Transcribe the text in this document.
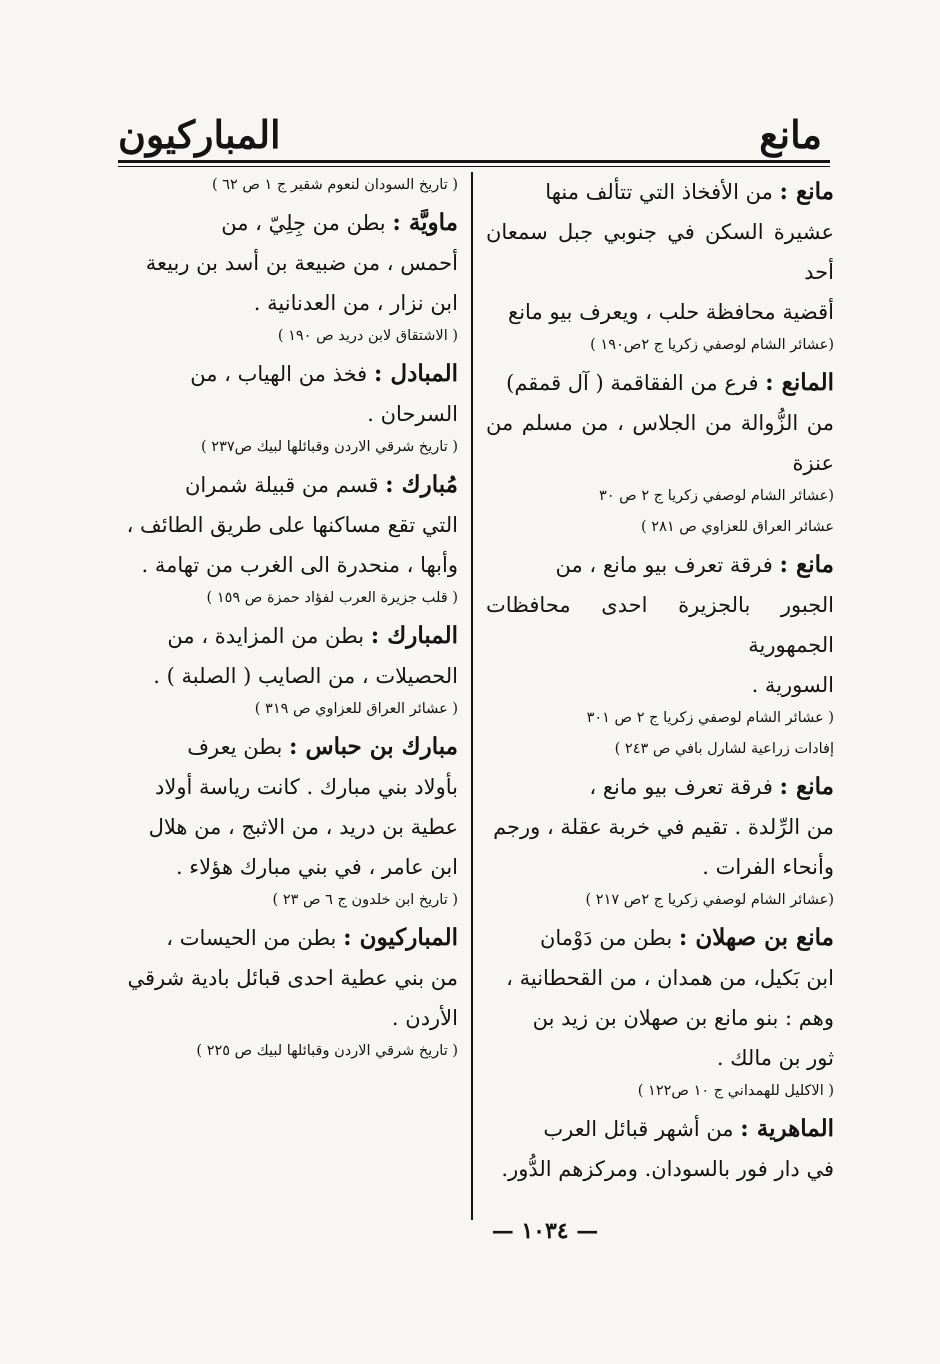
مانع
المباركيون

مانع : من الأفخاذ التي تتألف منها

عشيرة السكن في جنوبي جبل سمعان أحد

أقضية محافظة حلب ، ويعرف بيو مانع

(عشائر الشام لوصفي زكريا ج ٢ص١٩٠ )

المانع : فرع من الفقاقمة ( آل قمقم)

من الزُّوالة من الجلاس ، من مسلم من عنزة

(عشائر الشام لوصفي زكريا ج ٢ ص ٣٠

عشائر العراق للعزاوي ص ٢٨١ )

مانع : فرقة تعرف بيو مانع ، من

الجبور بالجزيرة احدى محافظات الجمهورية

السورية .

( عشائر الشام لوصفي زكريا ج ٢ ص ٣٠١

إفادات زراعية لشارل بافي ص ٢٤٣ )

مانع : فرقة تعرف بيو مانع ،

من الرِّلدة . تقيم في خربة عقلة ، ورجم

وأنحاء الفرات .

(عشائر الشام لوصفي زكريا ج ٢ص ٢١٧ )

مانع بن صهلان : بطن من دَوْمان

ابن بَكيل، من همدان ، من القحطانية ،

وهم : بنو مانع بن صهلان بن زيد بن

ثور بن مالك .

( الاكليل للهمداني ج ١٠ ص١٢٢ )

الماهرية : من أشهر قبائل العرب

في دار فور بالسودان. ومركزهم الدُّور.

( تاريخ السودان لنعوم شقير ج ١ ص ٦٢ )

ماويَّة : بطن من جِلِيّ ، من

أحمس ، من ضبيعة بن أسد بن ربيعة

ابن نزار ، من العدنانية .

( الاشتقاق لابن دريد ص ١٩٠ )

المبادل : فخذ من الهياب ، من

السرحان .

( تاريخ شرقي الاردن وقبائلها لبيك ص٢٣٧ )

مُبارك : قسم من قبيلة شمران

التي تقع مساكنها على طريق الطائف ،

وأبها ، منحدرة الى الغرب من تهامة .

( قلب جزيرة العرب لفؤاد حمزة ص ١٥٩ )

المبارك : بطن من المزايدة ، من

الحصيلات ، من الصايب ( الصلبة ) .

( عشائر العراق للعزاوي ص ٣١٩ )

مبارك بن حباس : بطن يعرف

بأولاد بني مبارك . كانت رياسة أولاد

عطية بن دريد ، من الاثبج ، من هلال

ابن عامر ، في بني مبارك هؤلاء .

( تاريخ ابن خلدون ج ٦ ص ٢٣ )

المباركيون : بطن من الحيسات ،

من بني عطية احدى قبائل بادية شرقي

الأردن .

( تاريخ شرقي الاردن وقبائلها لبيك ص ٢٢٥ )

— ١٠٣٤ —
